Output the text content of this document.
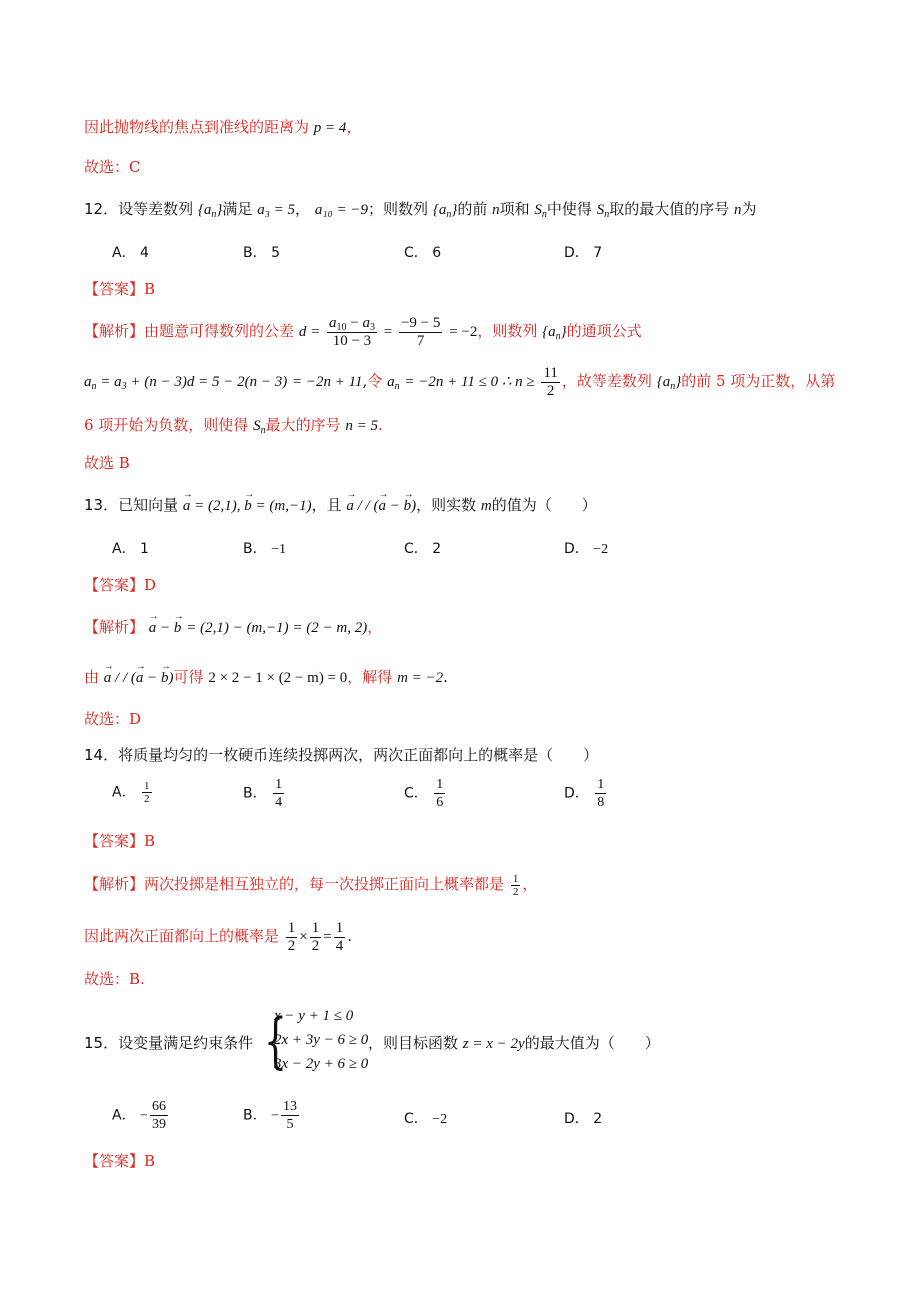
因此抛物线的焦点到准线的距离为 p = 4，
故选：C
12．设等差数列 $\{a_n\}$满足 a₃ = 5， a₁₀ = −9；则数列 $\{a_n\}$的前 n项和 $S_n$中使得 $S_n$取的最大值的序号 n为
A． 4	B． 5	C． 6	D． 7
【答案】B
【解析】由题意可得数列的公差 $d = \frac{a_{10} - a_3}{10 - 3} = \frac{-9 - 5}{7} = -2$，则数列 $\{a_n\}$的通项公式
$a_n = a_3 + (n - 3)d = 5 - 2(n - 3) = -2n + 11$,令 $a_n = -2n + 11 \le 0$ ∴ $n \ge \frac{11}{2}$ ，故等差数列 $\{a_n\}$的前 5 项为正数，从第
6 项开始为负数，则使得 $S_n$最大的序号 n = 5.
故选 B
13．已知向量 → a = (2,1), → b = (m,−1)，且 → a / / (→ a − → b)，则实数 m的值为（　　）
A． 1	B． −1	C． 2	D． −2
【答案】D
【解析】 → a − → b = (2,1) − (m,−1) = (2 − m, 2)，
由 → a / / (→ a − → b)可得 2 × 2 − 1 × (2 − m) = 0，解得 m = −2.
故选：D
14．将质量均匀的一枚硬币连续投掷两次，两次正面都向上的概率是（　　）
A． $\frac{1}{2}$	B． $\frac{1}{4}$	C． $\frac{1}{6}$	D． $\frac{1}{8}$
【答案】B
【解析】两次投掷是相互独立的，每一次投掷正面向上概率都是 $\frac{1}{2}$ ，
因此两次正面都向上的概率是 $\frac{1}{2} \times \frac{1}{2} = \frac{1}{4}$ .
故选：B.
15．设变量满足约束条件 {
x − y + 1 ≤ 0
2x + 3y − 6 ≥ 0
3x − 2y + 6 ≥ 0
，则目标函数 z = x − 2y的最大值为（　　）
A． − $\frac{66}{39}$	B． − $\frac{13}{5}$	C． −2	D． 2
【答案】B
